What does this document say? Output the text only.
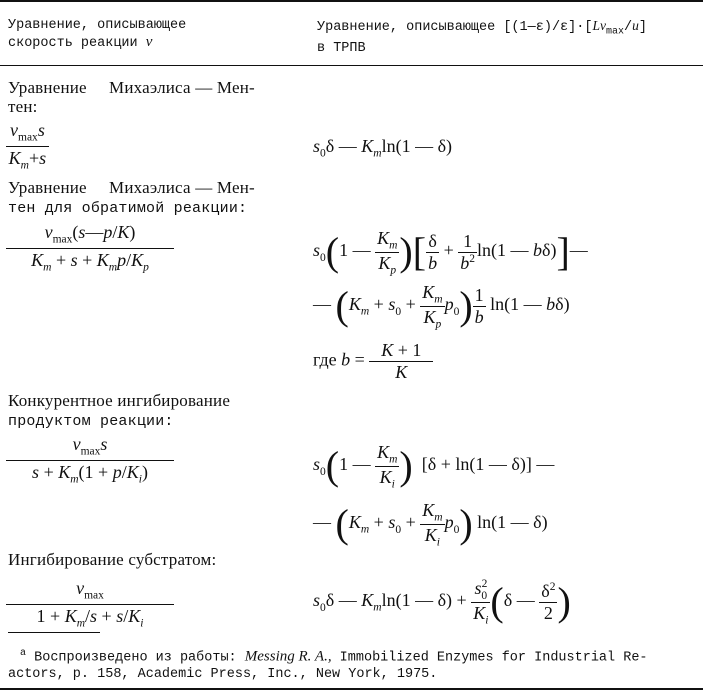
Уравнение, описывающее
скорость реакции v
Уравнение, описывающее $[(1—\varepsilon)/\varepsilon]\cdot[Lv_{max}/u]$
в ТРПВ
Уравнение     Михаэлиса — Мен-
тен:
$v_{max}s$
$K_m+s$
$s_0\delta$ — $K_m\ln(1$ — δ)
Уравнение     Михаэлиса — Мен-
тен для обратимой реакции:
$v_{max}(s—p/K)$
$K_m + s + K_mp/K_p$
$s_0(1$ — $\frac{K_m}{K_p}$ )[ $\frac{\delta}{b} + \frac{1}{b^2} \ln(1$ — bδ)]—
— $(K_m + s_0 + \frac{K_m}{K_p} p_0) \frac{1}{b} \ln(1$ — bδ)
где $b = \frac{K + 1}{K}$
Конкурентное ингибирование
продуктом реакции:
$v_{max}s$
$s + K_m(1 + p/K_i)$	$s_0(1$ — $\frac{K_m}{K_i}$ )  [δ + ln(1 — δ)] —
— $(K_m + s_0 + \frac{K_m}{K_i} p_0)$ ln(1 — δ)
Ингибирование субстратом:
$v_{max}$
$1 + K_m/s + s/K_i$
$s_0\delta$ — $K_m\ln(1$ — $\delta) + \frac{s^2_0}{K_i} (\delta$ — $\frac{\delta^2}{2}$ )
$^а$ Воспроизведено из работы: Messing R. A., Immobilized Enzymes for Industrial Re-
actors, p. 158, Academic Press, Inc., New York, 1975.
